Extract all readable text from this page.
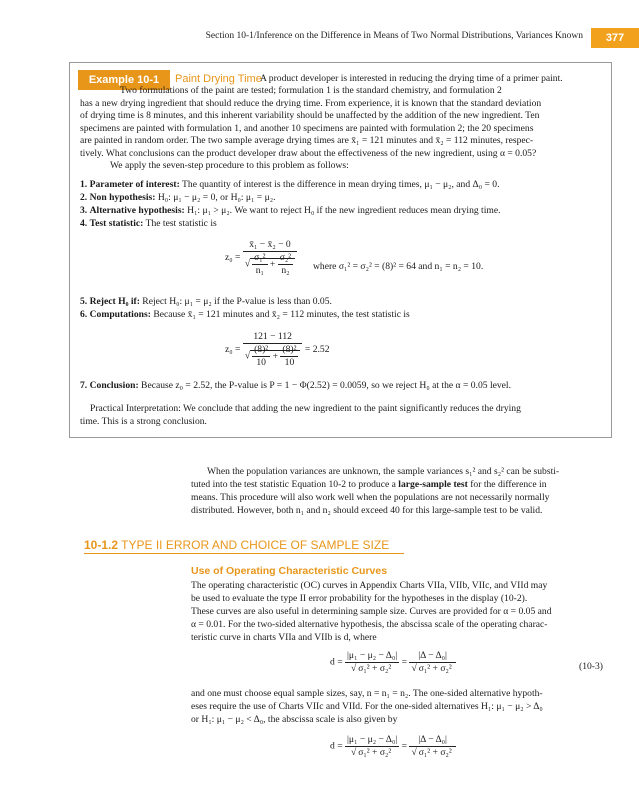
Section 10-1/Inference on the Difference in Means of Two Normal Distributions, Variances Known	377
Example 10-1	Paint Drying Time
A product developer is interested in reducing the drying time of a primer paint.
Two formulations of the paint are tested; formulation 1 is the standard chemistry, and formulation 2
has a new drying ingredient that should reduce the drying time. From experience, it is known that the standard deviation
of drying time is 8 minutes, and this inherent variability should be unaffected by the addition of the new ingredient. Ten
specimens are painted with formulation 1, and another 10 specimens are painted with formulation 2; the 20 specimens
are painted in random order. The two sample average drying times are x̄₁ = 121 minutes and x̄₂ = 112 minutes, respec-
tively. What conclusions can the product developer draw about the effectiveness of the new ingredient, using α = 0.05?
We apply the seven-step procedure to this problem as follows:
1. Parameter of interest: The quantity of interest is the difference in mean drying times, μ₁ − μ₂, and Δ₀ = 0.
2. Non hypothesis: H₀: μ₁ − μ₂ = 0, or H₀: μ₁ = μ₂.
3. Alternative hypothesis: H₁: μ₁ > μ₂. We want to reject H₀ if the new ingredient reduces mean drying time.
4. Test statistic: The test statistic is
$z_0 = \frac{\text{x̄₁ − x̄₂ − 0}}{√ \frac{\text{σ₁²}}{\text{n₁}} + \frac{\text{σ₂²}}{\text{n₂}}}$ where σ₁² = σ₂² = (8)² = 64 and n₁ = n₂ = 10.
5. Reject H₀ if: Reject H₀: μ₁ = μ₂ if the P-value is less than 0.05.
6. Computations: Because x̄₁ = 121 minutes and x̄₂ = 112 minutes, the test statistic is
$z_0 = \frac{121 - 112}{√ \frac{\text{(8)²}}{10} + \frac{\text{(8)²}}{10}} = 2.52$
7. Conclusion: Because z₀ = 2.52, the P-value is P = 1 − Φ(2.52) = 0.0059, so we reject H₀ at the α = 0.05 level.
Practical Interpretation: We conclude that adding the new ingredient to the paint significantly reduces the drying
time. This is a strong conclusion.
When the population variances are unknown, the sample variances s₁² and s₂² can be substi-
tuted into the test statistic Equation 10-2 to produce a large-sample test for the difference in
means. This procedure will also work well when the populations are not necessarily normally
distributed. However, both n₁ and n₂ should exceed 40 for this large-sample test to be valid.
10-1.2 TYPE II ERROR AND CHOICE OF SAMPLE SIZE
Use of Operating Characteristic Curves
The operating characteristic (OC) curves in Appendix Charts VIIa, VIIb, VIIc, and VIId may
be used to evaluate the type II error probability for the hypotheses in the display (10-2).
These curves are also useful in determining sample size. Curves are provided for α = 0.05 and
α = 0.01. For the two-sided alternative hypothesis, the abscissa scale of the operating charac-
teristic curve in charts VIIa and VIIb is d, where
$d = \frac{\text{|μ₁ − μ₂ − Δ₀|}}{\text{√ σ₁² + σ₂²}} = \frac{\text{|Δ − Δ₀|}}{\text{√ σ₁² + σ₂²}}$	(10-3)
and one must choose equal sample sizes, say, n = n₁ = n₂. The one-sided alternative hypoth-
eses require the use of Charts VIIc and VIId. For the one-sided alternatives H₁: μ₁ − μ₂ > Δ₀
or H₁: μ₁ − μ₂ < Δ₀, the abscissa scale is also given by
$d = \frac{\text{|μ₁ − μ₂ − Δ₀|}}{\text{√ σ₁² + σ₂²}} = \frac{\text{|Δ − Δ₀|}}{\text{√ σ₁² + σ₂²}}$
